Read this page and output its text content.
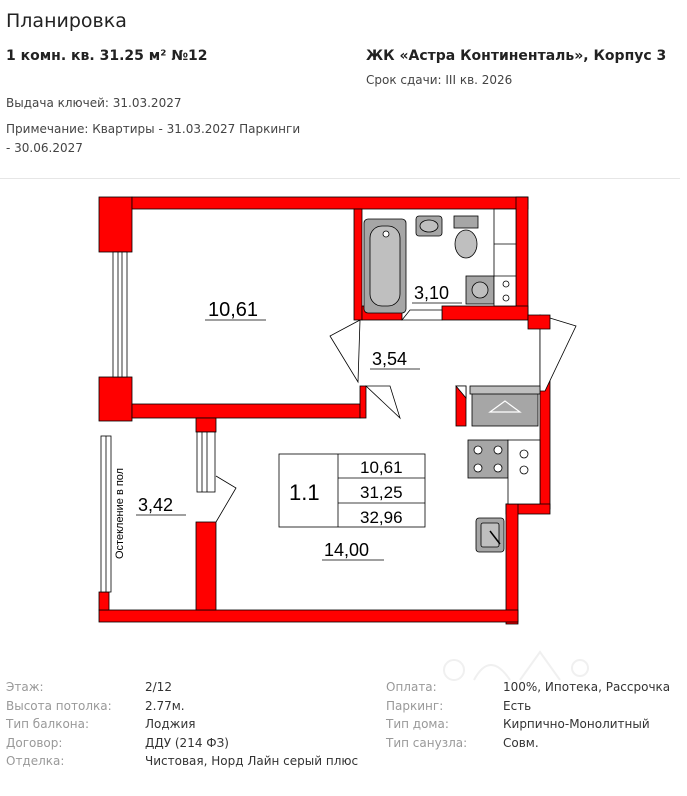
Планировка
1 комн. кв. 31.25 м² №12	ЖК «Астра Континенталь», Корпус 3
Срок сдачи: III кв. 2026
Выдача ключей: 31.03.2027
Примечание: Квартиры - 31.03.2027 Паркинги - 30.06.2027
10,61
3,10
3,54
3,42
14,00
1.1
10,61
31,25
32,96
Остекление в пол
Этаж:	2/12
Высота потолка:	2.77м.
Тип балкона:	Лоджия
Договор:	ДДУ (214 ФЗ)
Отделка:	Чистовая, Норд Лайн серый плюс
Оплата:	100%, Ипотека, Рассрочка
Паркинг:	Есть
Тип дома:	Кирпично-Монолитный
Тип санузла:	Совм.
